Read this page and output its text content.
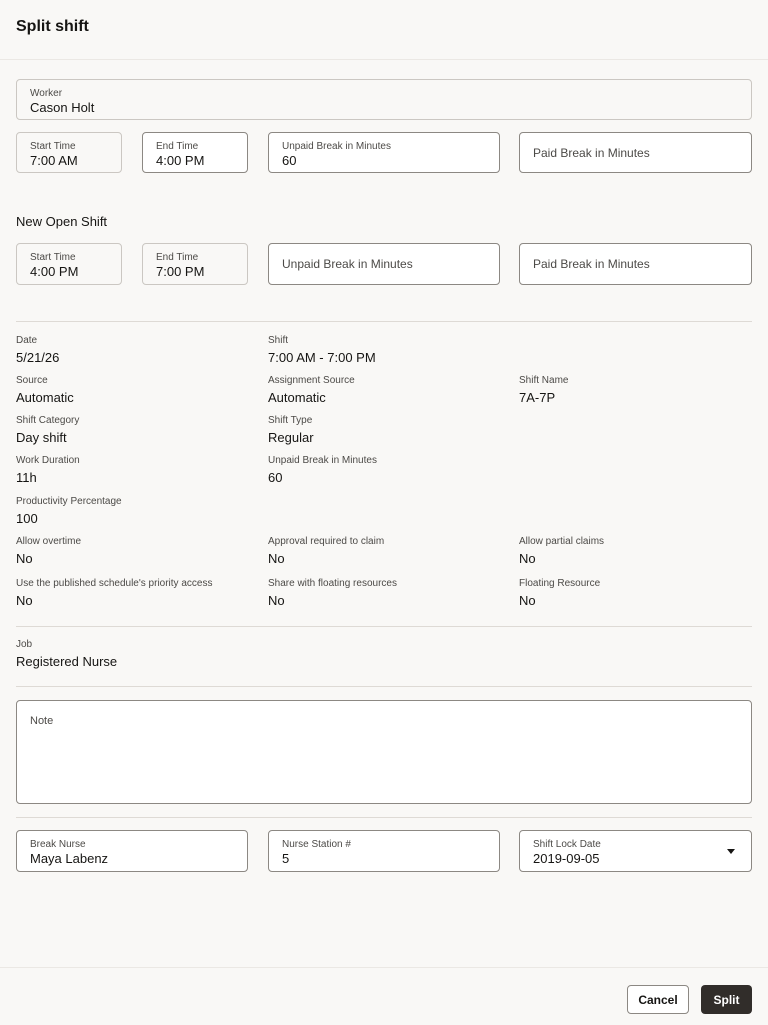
Split shift
Worker
Cason Holt
Start Time
7:00 AM
End Time
4:00 PM
Unpaid Break in Minutes
60
Paid Break in Minutes
New Open Shift
Start Time
4:00 PM
End Time
7:00 PM	Unpaid Break in Minutes	Paid Break in Minutes
Date
5/21/26
Shift
7:00 AM - 7:00 PM
Source
Automatic
Assignment Source
Automatic
Shift Name
7A-7P
Shift Category
Day shift
Shift Type
Regular
Work Duration
11h
Unpaid Break in Minutes
60
Productivity Percentage
100
Allow overtime
No
Approval required to claim
No
Allow partial claims
No
Use the published schedule's priority access
No
Share with floating resources
No
Floating Resource
No
Job
Registered Nurse
Note
Break Nurse
Maya Labenz
Nurse Station #
5
Shift Lock Date
2019-09-05
Cancel	Split
